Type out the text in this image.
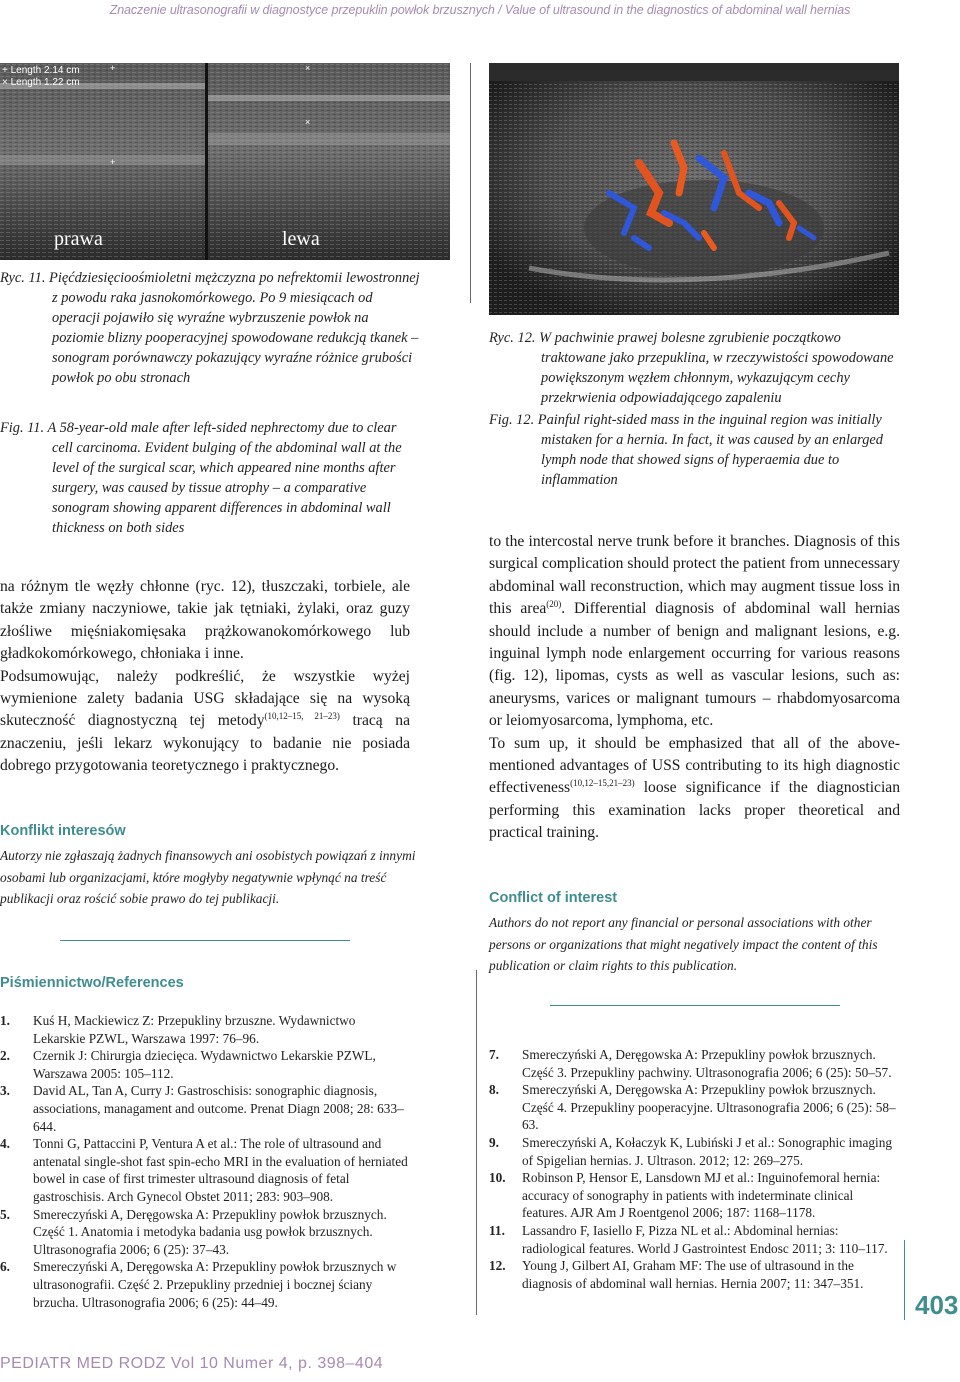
Znaczenie ultrasonografii w diagnostyce przepuklin powłok brzusznych / Value of ultrasound in the diagnostics of abdominal wall hernias
+
+
×
×
+ Length 2.14 cm
× Length 1.22 cm
prawa	lewa
Ryc. 11. Pięćdziesięcioośmioletni mężczyzna po nefrektomii lewostronnej z powodu raka jasnokomórkowego. Po 9 miesiącach od operacji pojawiło się wyraźne wybrzuszenie powłok na poziomie blizny pooperacyjnej spowodowane redukcją tkanek – sonogram porównawczy pokazujący wyraźne różnice grubości powłok po obu stronach
Fig. 11. A 58-year-old male after left-sided nephrectomy due to clear cell carcinoma. Evident bulging of the abdominal wall at the level of the surgical scar, which appeared nine months after surgery, was caused by tissue atrophy – a comparative sonogram showing apparent differences in abdominal wall thickness on both sides
Ryc. 12. W pachwinie prawej bolesne zgrubienie początkowo traktowane jako przepuklina, w rzeczywistości spowodowane powiększonym węzłem chłonnym, wykazującym cechy przekrwienia odpowiadającego zapaleniu
Fig. 12. Painful right-sided mass in the inguinal region was initially mistaken for a hernia. In fact, it was caused by an enlarged lymph node that showed signs of hyperaemia due to inflammation

na różnym tle węzły chłonne (ryc. 12), tłuszczaki, torbiele, ale także zmiany naczyniowe, takie jak tętniaki, żylaki, oraz guzy złośliwe mięśniakomięsaka prążkowanokomórkowego lub gładkokomórkowego, chłoniaka i inne.

Podsumowując, należy podkreślić, że wszystkie wyżej wymienione zalety badania USG składające się na wysoką skuteczność diagnostyczną tej metody$^{(10,12-15, 21-23)}$ tracą na znaczeniu, jeśli lekarz wykonujący to badanie nie posiada dobrego przygotowania teoretycznego i praktycznego.

to the intercostal nerve trunk before it branches. Diagnosis of this surgical complication should protect the patient from unnecessary abdominal wall reconstruction, which may augment tissue loss in this area$^{(20)}$. Differential diagnosis of abdominal wall hernias should include a number of benign and malignant lesions, e.g. inguinal lymph node enlargement occurring for various reasons (fig. 12), lipomas, cysts as well as vascular lesions, such as: aneurysms, varices or malignant tumours – rhabdomyosarcoma or leiomyosarcoma, lymphoma, etc.

To sum up, it should be emphasized that all of the above-mentioned advantages of USS contributing to its high diagnostic effectiveness$^{(10,12-15,21-23)}$ loose significance if the diagnostician performing this examination lacks proper theoretical and practical training.

Konflikt interesów
Autorzy nie zgłaszają żadnych finansowych ani osobistych powiązań z innymi osobami lub organizacjami, które mogłyby negatywnie wpłynąć na treść publikacji oraz rościć sobie prawo do tej publikacji.	Conflict of interest
Authors do not report any financial or personal associations with other persons or organizations that might negatively impact the content of this publication or claim rights to this publication.
Piśmiennictwo/References
1. Kuś H, Mackiewicz Z: Przepukliny brzuszne. Wydawnictwo Lekarskie PZWL, Warszawa 1997: 76–96.
2. Czernik J: Chirurgia dziecięca. Wydawnictwo Lekarskie PZWL, Warszawa 2005: 105–112.
3. David AL, Tan A, Curry J: Gastroschisis: sonographic diagnosis, associations, managament and outcome. Prenat Diagn 2008; 28: 633–644.
4. Tonni G, Pattaccini P, Ventura A et al.: The role of ultrasound and antenatal single-shot fast spin-echo MRI in the evaluation of herniated bowel in case of first trimester ultrasound diagnosis of fetal gastroschisis. Arch Gynecol Obstet 2011; 283: 903–908.
5. Smereczyński A, Deręgowska A: Przepukliny powłok brzusznych. Część 1. Anatomia i metodyka badania usg powłok brzusznych. Ultrasonografia 2006; 6 (25): 37–43.
6. Smereczyński A, Deręgowska A: Przepukliny powłok brzusznych w ultrasonografii. Część 2. Przepukliny przedniej i bocznej ściany brzucha. Ultrasonografia 2006; 6 (25): 44–49.
7. Smereczyński A, Deręgowska A: Przepukliny powłok brzusznych. Część 3. Przepukliny pachwiny. Ultrasonografia 2006; 6 (25): 50–57.
8. Smereczyński A, Deręgowska A: Przepukliny powłok brzusznych. Część 4. Przepukliny pooperacyjne. Ultrasonografia 2006; 6 (25): 58–63.
9. Smereczyński A, Kołaczyk K, Lubiński J et al.: Sonographic imaging of Spigelian hernias. J. Ultrason. 2012; 12: 269–275.
10. Robinson P, Hensor E, Lansdown MJ et al.: Inguinofemoral hernia: accuracy of sonography in patients with indeterminate clinical features. AJR Am J Roentgenol 2006; 187: 1168–1178.
11. Lassandro F, Iasiello F, Pizza NL et al.: Abdominal hernias: radiological features. World J Gastrointest Endosc 2011; 3: 110–117.
12. Young J, Gilbert AI, Graham MF: The use of ultrasound in the diagnosis of abdominal wall hernias. Hernia 2007; 11: 347–351.
PEDIATR MED RODZ Vol 10 Numer 4, p. 398–404
403
